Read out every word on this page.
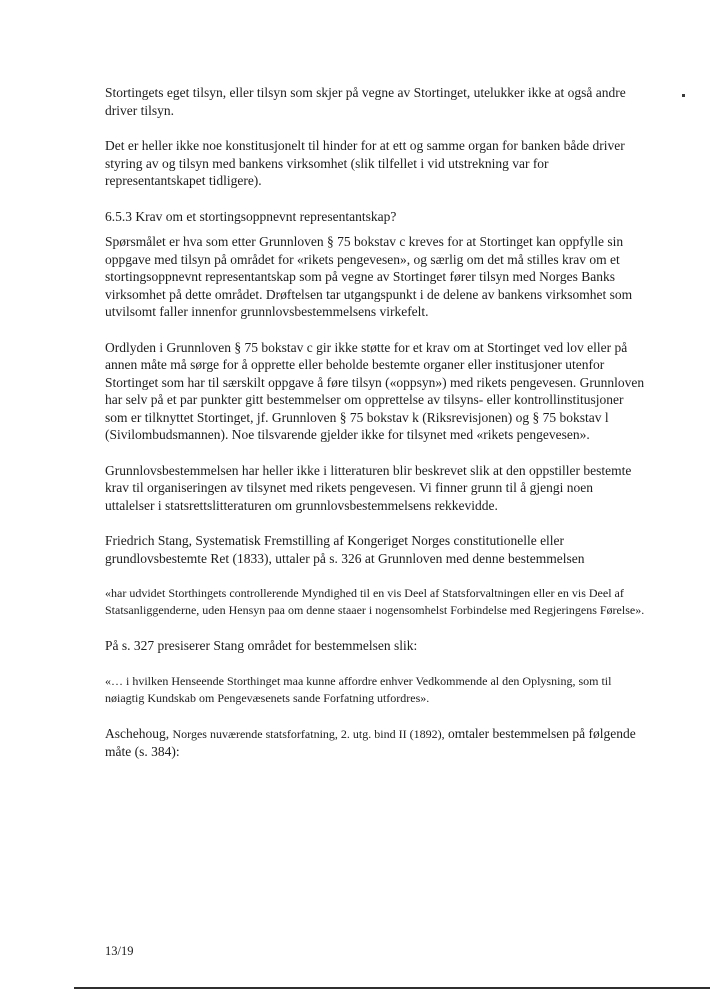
Stortingets eget tilsyn, eller tilsyn som skjer på vegne av Stortinget, utelukker ikke at også andre driver tilsyn.

Det er heller ikke noe konstitusjonelt til hinder for at ett og samme organ for banken både driver styring av og tilsyn med bankens virksomhet (slik tilfellet i vid utstrekning var for representantskapet tidligere).

6.5.3 Krav om et stortingsoppnevnt representantskap?

Spørsmålet er hva som etter Grunnloven § 75 bokstav c kreves for at Stortinget kan oppfylle sin oppgave med tilsyn på området for «rikets pengevesen», og særlig om det må stilles krav om et stortingsoppnevnt representantskap som på vegne av Stortinget fører tilsyn med Norges Banks virksomhet på dette området. Drøftelsen tar utgangspunkt i de delene av bankens virksomhet som utvilsomt faller innenfor grunnlovsbestemmelsens virkefelt.

Ordlyden i Grunnloven § 75 bokstav c gir ikke støtte for et krav om at Stortinget ved lov eller på annen måte må sørge for å opprette eller beholde bestemte organer eller institusjoner utenfor Stortinget som har til særskilt oppgave å føre tilsyn («oppsyn») med rikets pengevesen. Grunnloven har selv på et par punkter gitt bestemmelser om opprettelse av tilsyns- eller kontrollinstitusjoner som er tilknyttet Stortinget, jf. Grunnloven § 75 bokstav k (Riksrevisjonen) og § 75 bokstav l (Sivilombudsmannen). Noe tilsvarende gjelder ikke for tilsynet med «rikets pengevesen».

Grunnlovsbestemmelsen har heller ikke i litteraturen blir beskrevet slik at den oppstiller bestemte krav til organiseringen av tilsynet med rikets pengevesen. Vi finner grunn til å gjengi noen uttalelser i statsrettslitteraturen om grunnlovsbestemmelsens rekkevidde.

Friedrich Stang, Systematisk Fremstilling af Kongeriget Norges constitutionelle eller grundlovsbestemte Ret (1833), uttaler på s. 326 at Grunnloven med denne bestemmelsen

«har udvidet Storthingets controllerende Myndighed til en vis Deel af Statsforvaltningen eller en vis Deel af Statsanliggenderne, uden Hensyn paa om denne staaer i nogensomhelst Forbindelse med Regjeringens Førelse».

På s. 327 presiserer Stang området for bestemmelsen slik:

«… i hvilken Henseende Storthinget maa kunne affordre enhver Vedkommende al den Oplysning, som til nøiagtig Kundskab om Pengevæsenets sande Forfatning utfordres».

Aschehoug, Norges nuværende statsforfatning, 2. utg. bind II (1892), omtaler bestemmelsen på følgende måte (s. 384):

13/19
